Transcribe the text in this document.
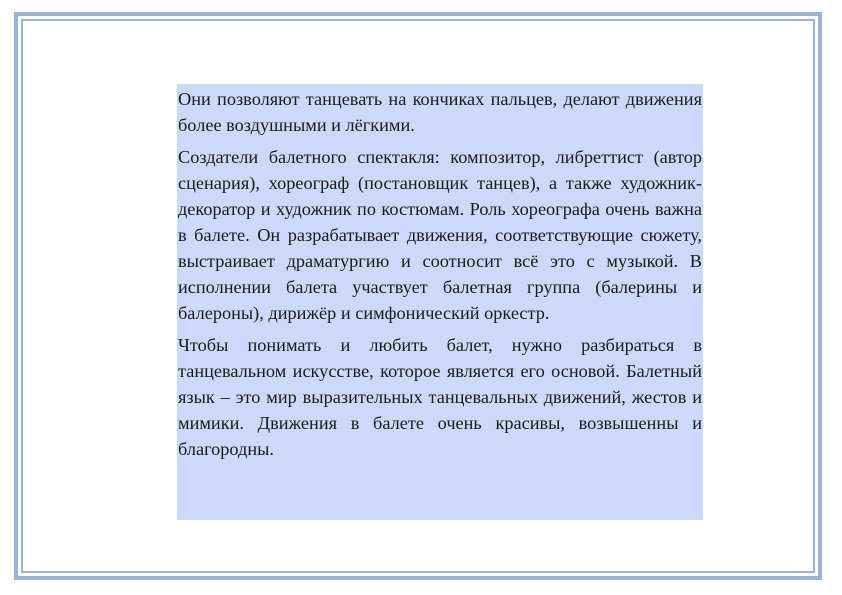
Они позволяют танцевать на кончиках пальцев, делают движения более воздушными и лёгкими.

Создатели балетного спектакля: композитор, либреттист (автор сценария), хореограф (постановщик танцев), а также художник-декоратор и художник по костюмам. Роль хореографа очень важна в балете. Он разрабатывает движения, соответствующие сюжету, выстраивает драматургию и соотносит всё это с музыкой. В исполнении балета участвует балетная группа (балерины и балероны), дирижёр и симфонический оркестр.

Чтобы понимать и любить балет, нужно разбираться в танцевальном искусстве, которое является его основой. Балетный язык – это мир выразительных танцевальных движений, жестов и мимики. Движения в балете очень красивы, возвышенны и благородны.
